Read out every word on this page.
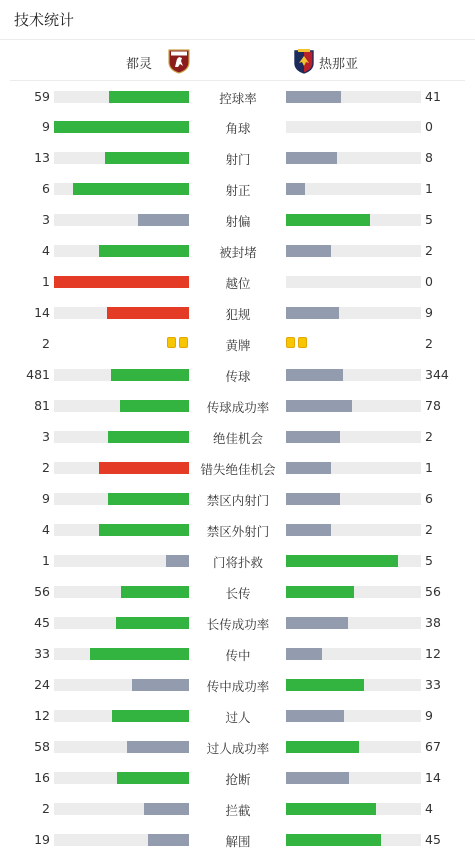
技术统计
都灵	热那亚
59	控球率	41
9	角球	0
13	射门	8
6	射正	1
3	射偏	5
4	被封堵	2
1	越位	0
14	犯规	9
2	黄牌	2
481	传球	344
81	传球成功率	78
3	绝佳机会	2
2	错失绝佳机会	1
9	禁区内射门	6
4	禁区外射门	2
1	门将扑救	5
56	长传	56
45	长传成功率	38
33	传中	12
24	传中成功率	33
12	过人	9
58	过人成功率	67
16	抢断	14
2	拦截	4
19	解围	45
